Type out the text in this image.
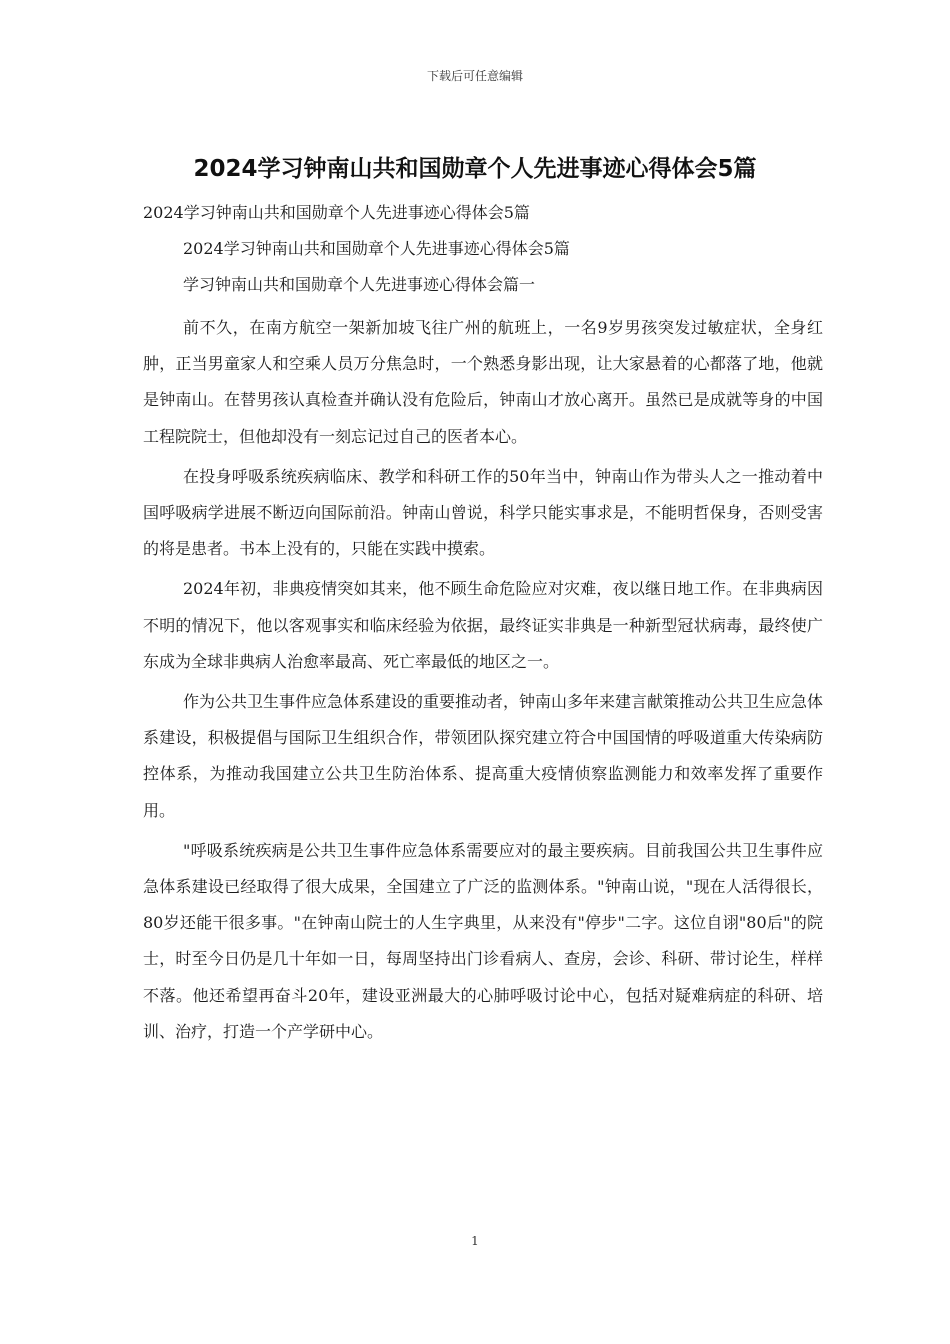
下载后可任意编辑
2024学习钟南山共和国勋章个人先进事迹心得体会5篇
2024学习钟南山共和国勋章个人先进事迹心得体会5篇
2024学习钟南山共和国勋章个人先进事迹心得体会5篇
学习钟南山共和国勋章个人先进事迹心得体会篇一

前不久，在南方航空一架新加坡飞往广州的航班上，一名9岁男孩突发过敏症状，全身红肿，正当男童家人和空乘人员万分焦急时，一个熟悉身影出现，让大家悬着的心都落了地，他就是钟南山。在替男孩认真检查并确认没有危险后，钟南山才放心离开。虽然已是成就等身的中国工程院院士，但他却没有一刻忘记过自己的医者本心。

在投身呼吸系统疾病临床、教学和科研工作的50年当中，钟南山作为带头人之一推动着中国呼吸病学进展不断迈向国际前沿。钟南山曾说，科学只能实事求是，不能明哲保身，否则受害的将是患者。书本上没有的，只能在实践中摸索。

2024年初，非典疫情突如其来，他不顾生命危险应对灾难，夜以继日地工作。在非典病因不明的情况下，他以客观事实和临床经验为依据，最终证实非典是一种新型冠状病毒，最终使广东成为全球非典病人治愈率最高、死亡率最低的地区之一。

作为公共卫生事件应急体系建设的重要推动者，钟南山多年来建言献策推动公共卫生应急体系建设，积极提倡与国际卫生组织合作，带领团队探究建立符合中国国情的呼吸道重大传染病防控体系，为推动我国建立公共卫生防治体系、提高重大疫情侦察监测能力和效率发挥了重要作用。

"呼吸系统疾病是公共卫生事件应急体系需要应对的最主要疾病。目前我国公共卫生事件应急体系建设已经取得了很大成果，全国建立了广泛的监测体系。"钟南山说，"现在人活得很长，80岁还能干很多事。"在钟南山院士的人生字典里，从来没有"停步"二字。这位自诩"80后"的院士，时至今日仍是几十年如一日，每周坚持出门诊看病人、查房，会诊、科研、带讨论生，样样不落。他还希望再奋斗20年，建设亚洲最大的心肺呼吸讨论中心，包括对疑难病症的科研、培训、治疗，打造一个产学研中心。

1
